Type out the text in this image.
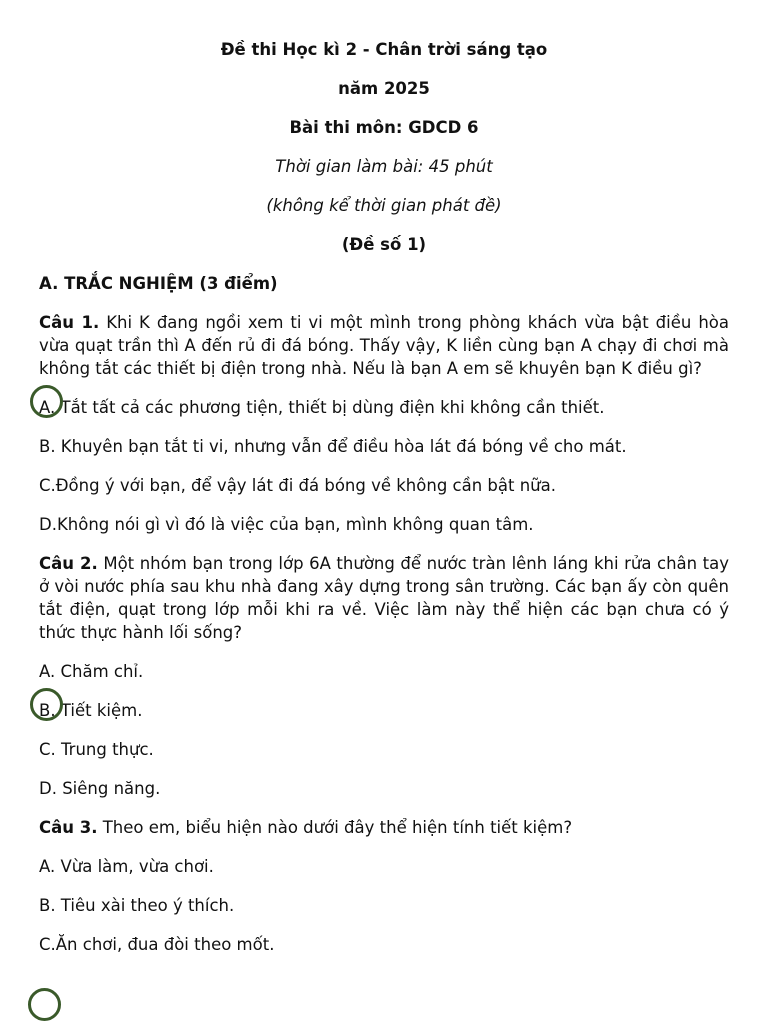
Đề thi Học kì 2 - Chân trời sáng tạo

năm 2025

Bài thi môn: GDCD 6

Thời gian làm bài: 45 phút

(không kể thời gian phát đề)

(Đề số 1)

A. TRẮC NGHIỆM (3 điểm)

Câu 1. Khi K đang ngồi xem ti vi một mình trong phòng khách vừa bật điều hòa vừa quạt trần thì A đến rủ đi đá bóng. Thấy vậy, K liền cùng bạn A chạy đi chơi mà không tắt các thiết bị điện trong nhà. Nếu là bạn A em sẽ khuyên bạn K điều gì?

A. Tắt tất cả các phương tiện, thiết bị dùng điện khi không cần thiết.
B. Khuyên bạn tắt ti vi, nhưng vẫn để điều hòa lát đá bóng về cho mát.
C.Đồng ý với bạn, để vậy lát đi đá bóng về không cần bật nữa.
D.Không nói gì vì đó là việc của bạn, mình không quan tâm.

Câu 2. Một nhóm bạn trong lớp 6A thường để nước tràn lênh láng khi rửa chân tay ở vòi nước phía sau khu nhà đang xây dựng trong sân trường. Các bạn ấy còn quên tắt điện, quạt trong lớp mỗi khi ra về. Việc làm này thể hiện các bạn chưa có ý thức thực hành lối sống?

A. Chăm chỉ.
B. Tiết kiệm.
C. Trung thực.
D. Siêng năng.

Câu 3. Theo em, biểu hiện nào dưới đây thể hiện tính tiết kiệm?

A. Vừa làm, vừa chơi.
B. Tiêu xài theo ý thích.
C.Ăn chơi, đua đòi theo mốt.
